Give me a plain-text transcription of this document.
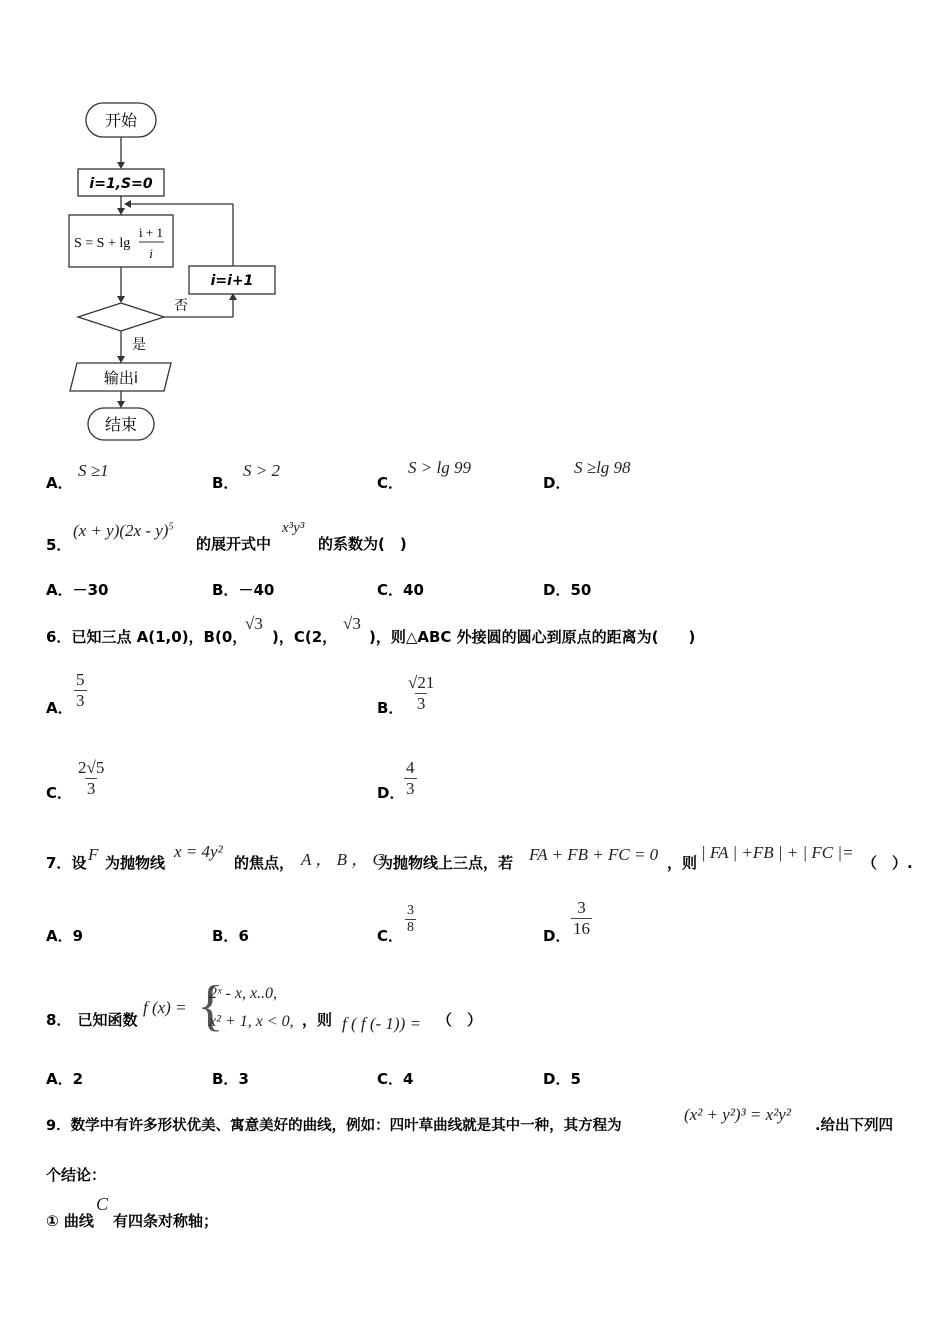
开始
i=1,S=0
S = S + lg
i + 1
i
否
i=i+1
是
输出i
结束
A．
S ≥1
B．
S > 2
C．
S > lg 99
D．
S ≥lg 98
5．
(x + y)(2x - y)$^5$
的展开式中
x³y³
的系数为(　)
A．－30	B．－40	C．40	D．50
6．已知三点 A(1,0)，B(0，
√3
)，C(2，
√3
)，则△ABC 外接圆的圆心到原点的距离为(　　)
A． $\frac{5}{3}$	B． $\frac{√21}{3}$
C． $\frac{2√5}{3}$	D． $\frac{4}{3}$
7．设 F 为抛物线
x = 4y²
的焦点， A ， B ， C
为抛物线上三点，若 FA + FB + FC = 0 ，则
| FA | +FB | + | FC |=
（　）.
A．9	B．6	C． $\frac{3}{8}$	D． $\frac{3}{16}$
8． 已知函数
f (x) = {
2ˣ - x, x..0,
x² + 1, x < 0, ，则 f ( f (- 1)) = （　）
A．2	B．3	C．4	D．5
9．数学中有许多形状优美、寓意美好的曲线，例如：四叶草曲线就是其中一种，其方程为
(x² + y²)³ = x²y²
.给出下列四
个结论：
① 曲线
C
有四条对称轴；
